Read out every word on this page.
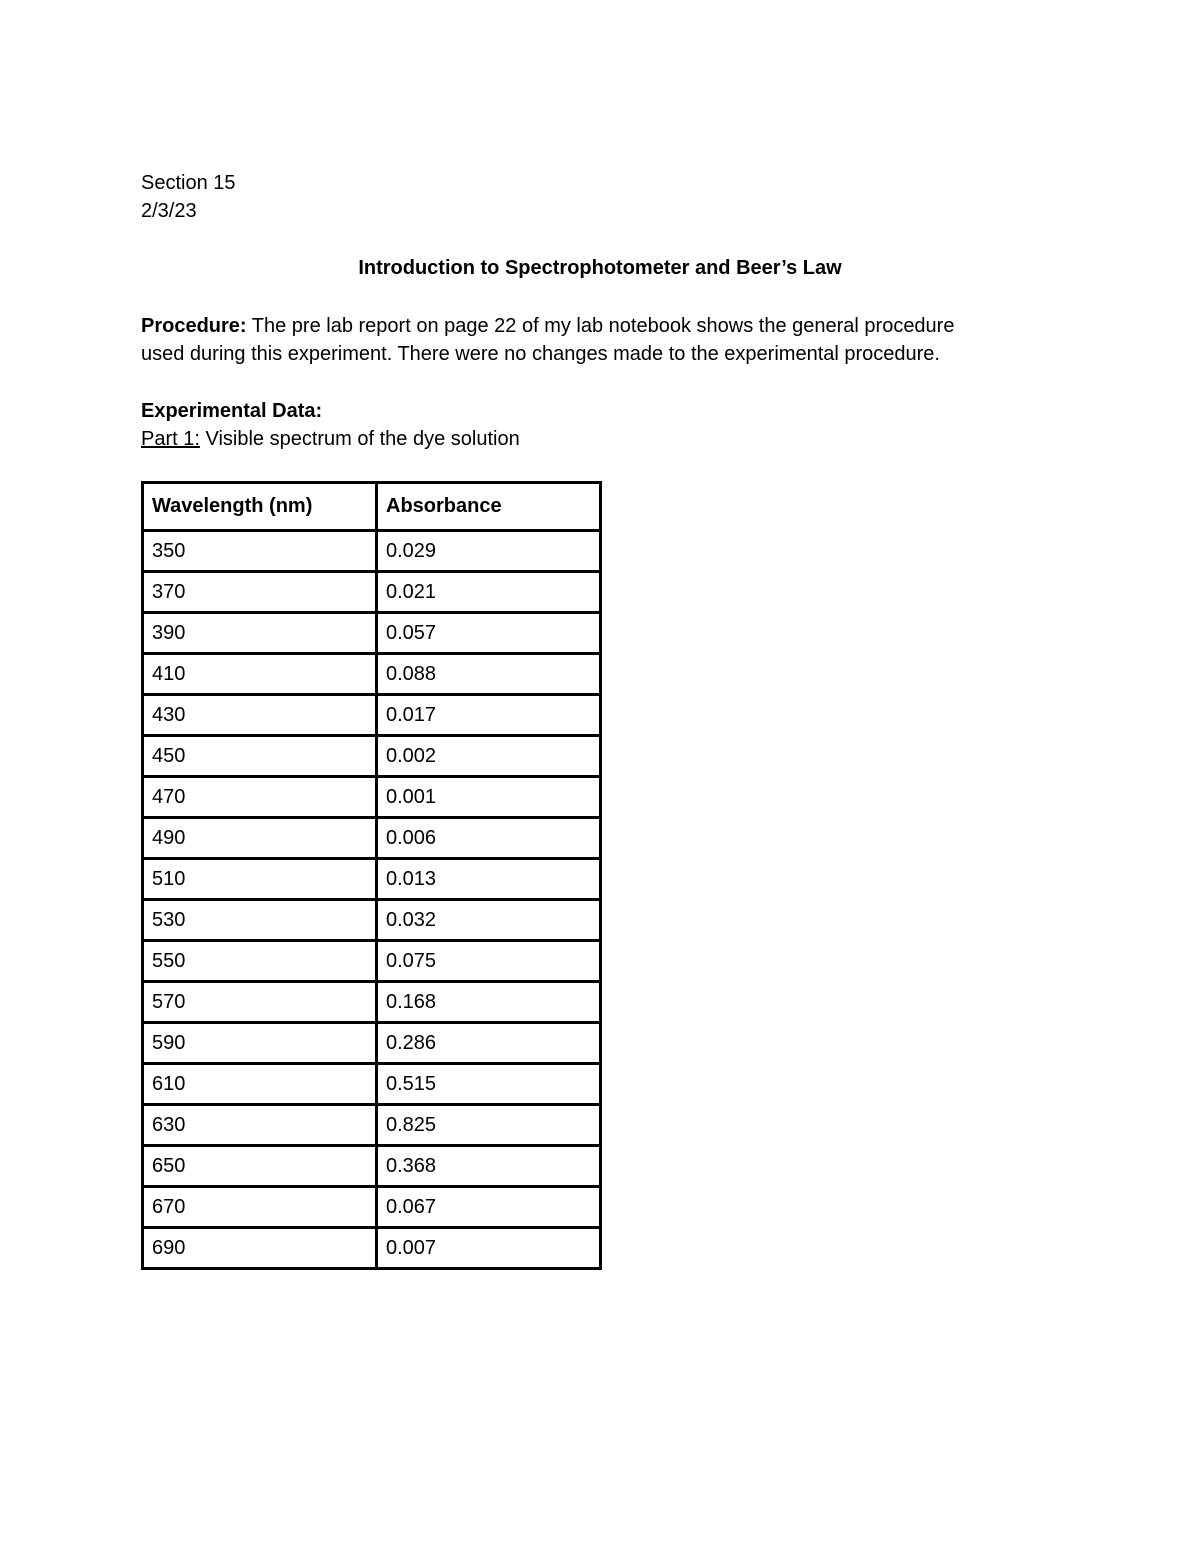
Section 15
2/3/23
Introduction to Spectrophotometer and Beer’s Law
Procedure: The pre lab report on page 22 of my lab notebook shows the general procedure
used during this experiment. There were no changes made to the experimental procedure.
Experimental Data:
Part 1: Visible spectrum of the dye solution
Wavelength (nm)	Absorbance
350	0.029
370	0.021
390	0.057
410	0.088
430	0.017
450	0.002
470	0.001
490	0.006
510	0.013
530	0.032
550	0.075
570	0.168
590	0.286
610	0.515
630	0.825
650	0.368
670	0.067
690	0.007
